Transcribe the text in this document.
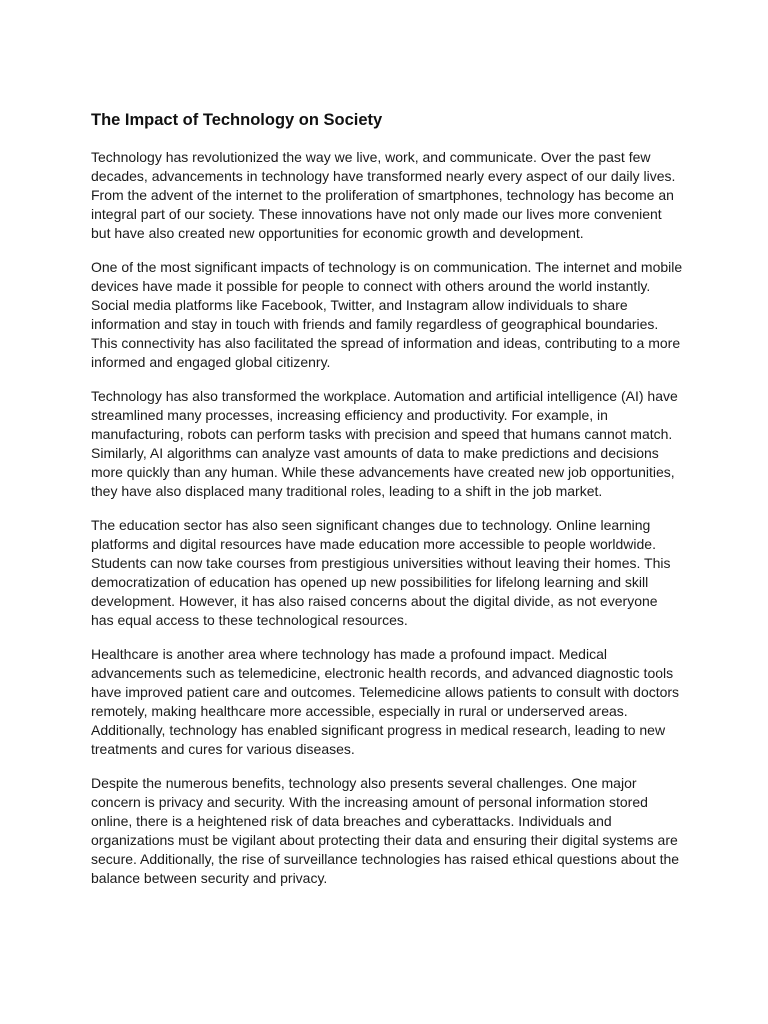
The Impact of Technology on Society

Technology has revolutionized the way we live, work, and communicate. Over the past few decades, advancements in technology have transformed nearly every aspect of our daily lives. From the advent of the internet to the proliferation of smartphones, technology has become an integral part of our society. These innovations have not only made our lives more convenient but have also created new opportunities for economic growth and development.

One of the most significant impacts of technology is on communication. The internet and mobile devices have made it possible for people to connect with others around the world instantly. Social media platforms like Facebook, Twitter, and Instagram allow individuals to share information and stay in touch with friends and family regardless of geographical boundaries. This connectivity has also facilitated the spread of information and ideas, contributing to a more informed and engaged global citizenry.

Technology has also transformed the workplace. Automation and artificial intelligence (AI) have streamlined many processes, increasing efficiency and productivity. For example, in manufacturing, robots can perform tasks with precision and speed that humans cannot match. Similarly, AI algorithms can analyze vast amounts of data to make predictions and decisions more quickly than any human. While these advancements have created new job opportunities, they have also displaced many traditional roles, leading to a shift in the job market.

The education sector has also seen significant changes due to technology. Online learning platforms and digital resources have made education more accessible to people worldwide. Students can now take courses from prestigious universities without leaving their homes. This democratization of education has opened up new possibilities for lifelong learning and skill development. However, it has also raised concerns about the digital divide, as not everyone has equal access to these technological resources.

Healthcare is another area where technology has made a profound impact. Medical advancements such as telemedicine, electronic health records, and advanced diagnostic tools have improved patient care and outcomes. Telemedicine allows patients to consult with doctors remotely, making healthcare more accessible, especially in rural or underserved areas. Additionally, technology has enabled significant progress in medical research, leading to new treatments and cures for various diseases.

Despite the numerous benefits, technology also presents several challenges. One major concern is privacy and security. With the increasing amount of personal information stored online, there is a heightened risk of data breaches and cyberattacks. Individuals and organizations must be vigilant about protecting their data and ensuring their digital systems are secure. Additionally, the rise of surveillance technologies has raised ethical questions about the balance between security and privacy.
